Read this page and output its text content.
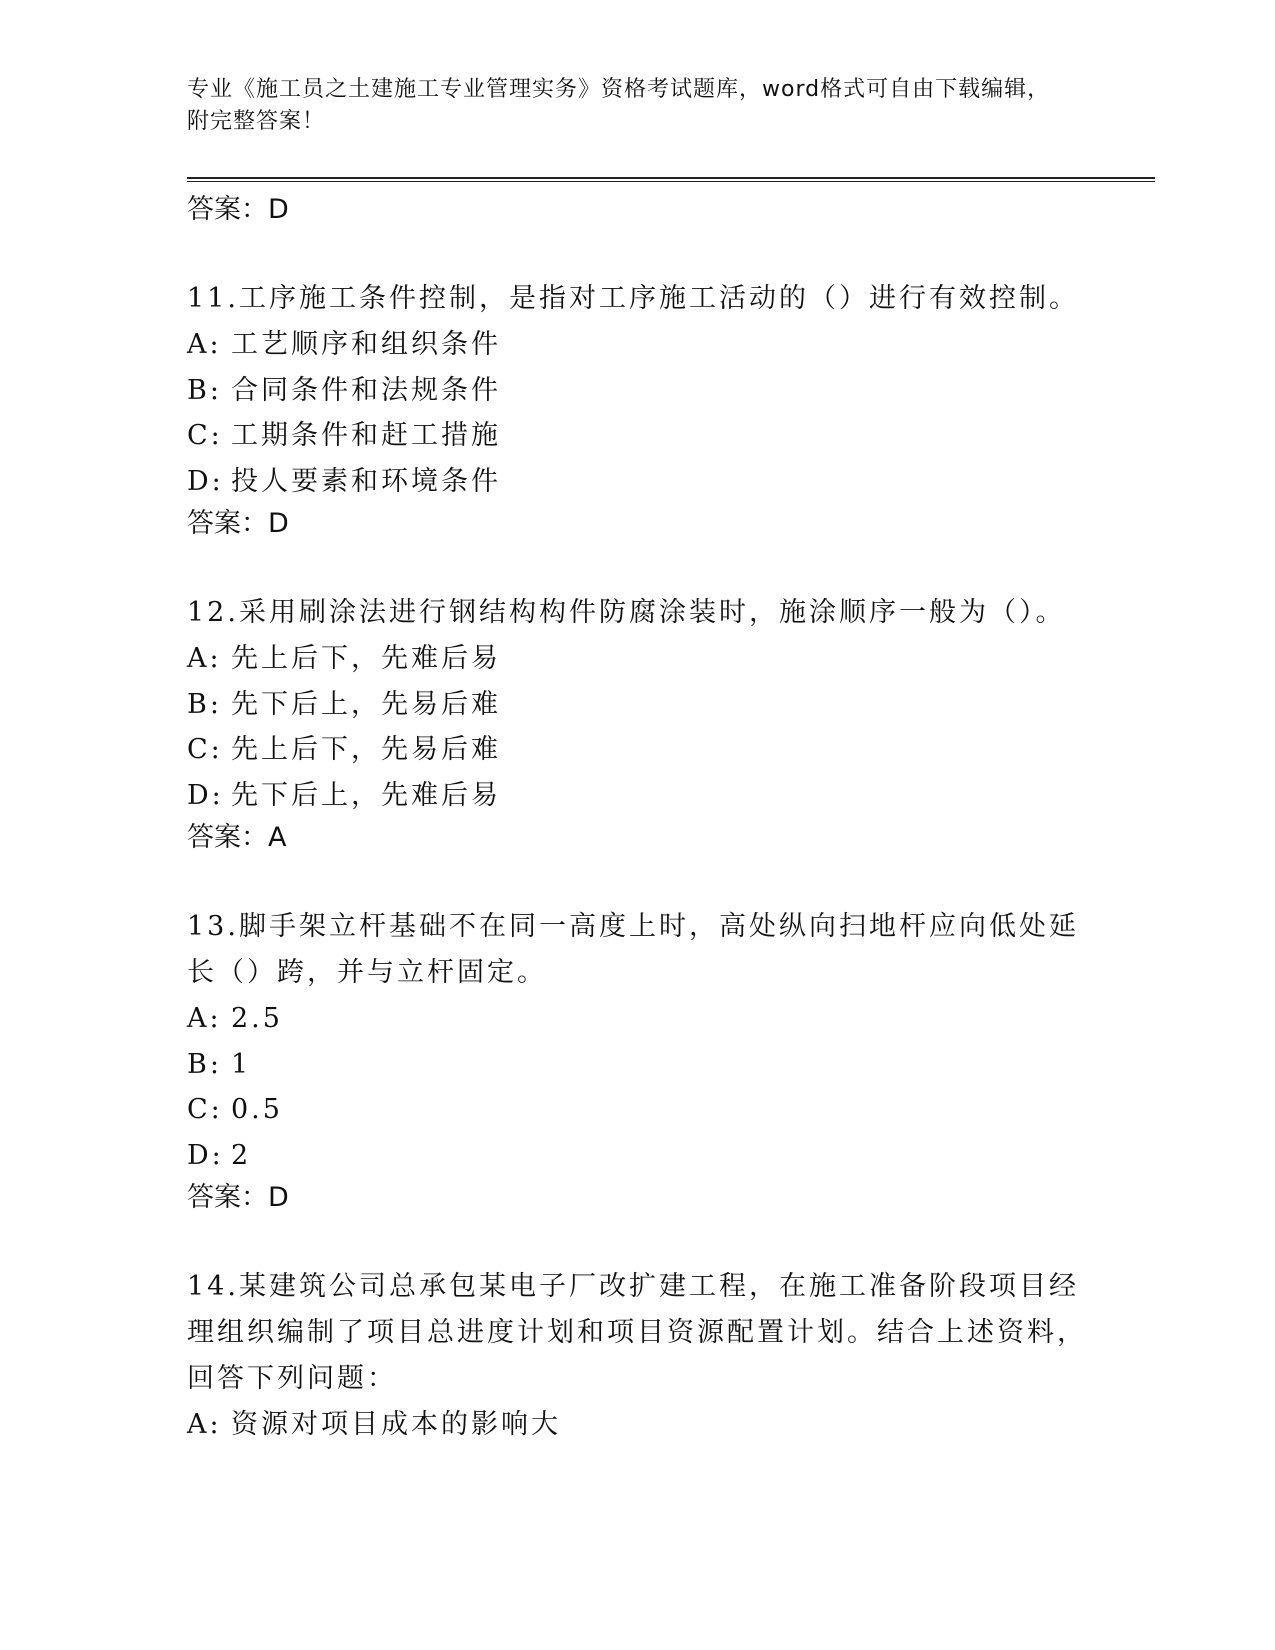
专业《施工员之土建施工专业管理实务》资格考试题库，word格式可自由下载编辑，附完整答案！

答案：D

11.工序施工条件控制，是指对工序施工活动的（）进行有效控制。

A: 工艺顺序和组织条件

B: 合同条件和法规条件

C: 工期条件和赶工措施

D: 投人要素和环境条件

答案：D

12.采用刷涂法进行钢结构构件防腐涂装时，施涂顺序一般为（）。

A: 先上后下，先难后易

B: 先下后上，先易后难

C: 先上后下，先易后难

D: 先下后上，先难后易

答案：A

13.脚手架立杆基础不在同一高度上时，高处纵向扫地杆应向低处延长（）跨，并与立杆固定。

A: 2.5

B: 1

C: 0.5

D: 2

答案：D

14.某建筑公司总承包某电子厂改扩建工程，在施工准备阶段项目经理组织编制了项目总进度计划和项目资源配置计划。结合上述资料，回答下列问题：

A: 资源对项目成本的影响大
